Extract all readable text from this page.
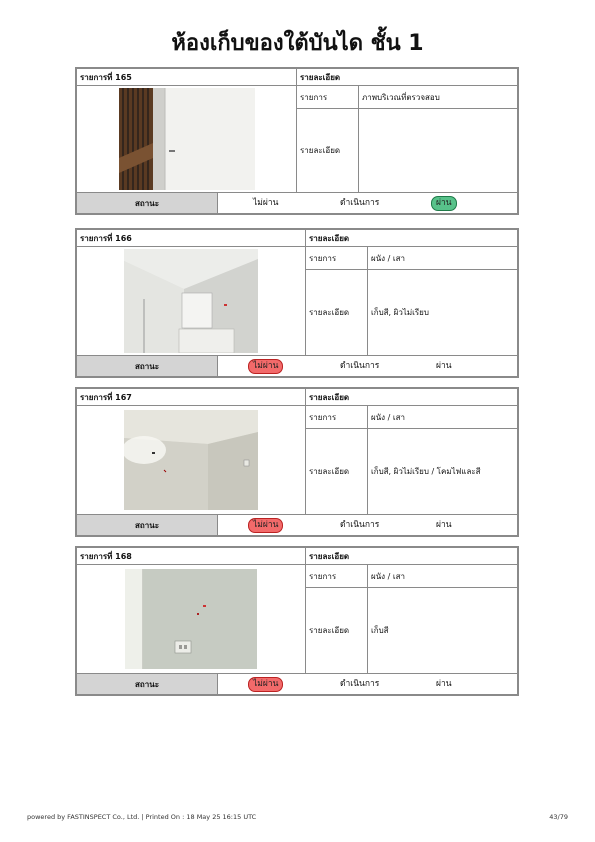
ห้องเก็บของใต้บันได ชั้น 1
รายการที่ 165		รายละเอียด	
	รายการ	ภาพบริเวณที่ตรวจสอบ
		รายละเอียด	
สถานะ	ไม่ผ่าน ดำเนินการ ผ่าน		
รายการที่ 166		รายละเอียด	
	รายการ	ผนัง / เสา
		รายละเอียด	เก็บสี, ผิวไม่เรียบ
สถานะ	ไม่ผ่าน ดำเนินการ ผ่าน		
รายการที่ 167		รายละเอียด	
	รายการ	ผนัง / เสา
		รายละเอียด	เก็บสี, ผิวไม่เรียบ / โคมไฟและสี
สถานะ	ไม่ผ่าน ดำเนินการ ผ่าน		
รายการที่ 168		รายละเอียด	
	รายการ	ผนัง / เสา
		รายละเอียด	เก็บสี
สถานะ	ไม่ผ่าน ดำเนินการ ผ่าน		
powered by FASTINSPECT Co., Ltd. | Printed On : 18 May 25 16:15 UTC	43/79
